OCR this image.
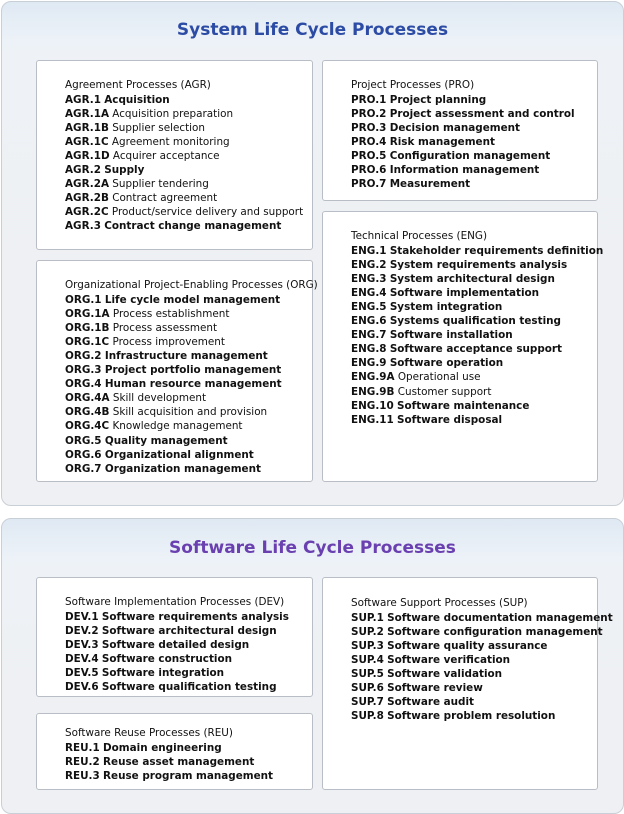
System Life Cycle Processes
Agreement Processes (AGR)
AGR.1 Acquisition
AGR.1A Acquisition preparation
AGR.1B Supplier selection
AGR.1C Agreement monitoring
AGR.1D Acquirer acceptance
AGR.2 Supply
AGR.2A Supplier tendering
AGR.2B Contract agreement
AGR.2C Product/service delivery and support
AGR.3 Contract change management
Project Processes (PRO)
PRO.1 Project planning
PRO.2 Project assessment and control
PRO.3 Decision management
PRO.4 Risk management
PRO.5 Configuration management
PRO.6 Information management
PRO.7 Measurement
Organizational Project-Enabling Processes (ORG)
ORG.1 Life cycle model management
ORG.1A Process establishment
ORG.1B Process assessment
ORG.1C Process improvement
ORG.2 Infrastructure management
ORG.3 Project portfolio management
ORG.4 Human resource management
ORG.4A Skill development
ORG.4B Skill acquisition and provision
ORG.4C Knowledge management
ORG.5 Quality management
ORG.6 Organizational alignment
ORG.7 Organization management
Technical Processes (ENG)
ENG.1 Stakeholder requirements definition
ENG.2 System requirements analysis
ENG.3 System architectural design
ENG.4 Software implementation
ENG.5 System integration
ENG.6 Systems qualification testing
ENG.7 Software installation
ENG.8 Software acceptance support
ENG.9 Software operation
ENG.9A Operational use
ENG.9B Customer support
ENG.10 Software maintenance
ENG.11 Software disposal
Software Life Cycle Processes
Software Implementation Processes (DEV)
DEV.1 Software requirements analysis
DEV.2 Software architectural design
DEV.3 Software detailed design
DEV.4 Software construction
DEV.5 Software integration
DEV.6 Software qualification testing
Software Support Processes (SUP)
SUP.1 Software documentation management
SUP.2 Software configuration management
SUP.3 Software quality assurance
SUP.4 Software verification
SUP.5 Software validation
SUP.6 Software review
SUP.7 Software audit
SUP.8 Software problem resolution
Software Reuse Processes (REU)
REU.1 Domain engineering
REU.2 Reuse asset management
REU.3 Reuse program management
